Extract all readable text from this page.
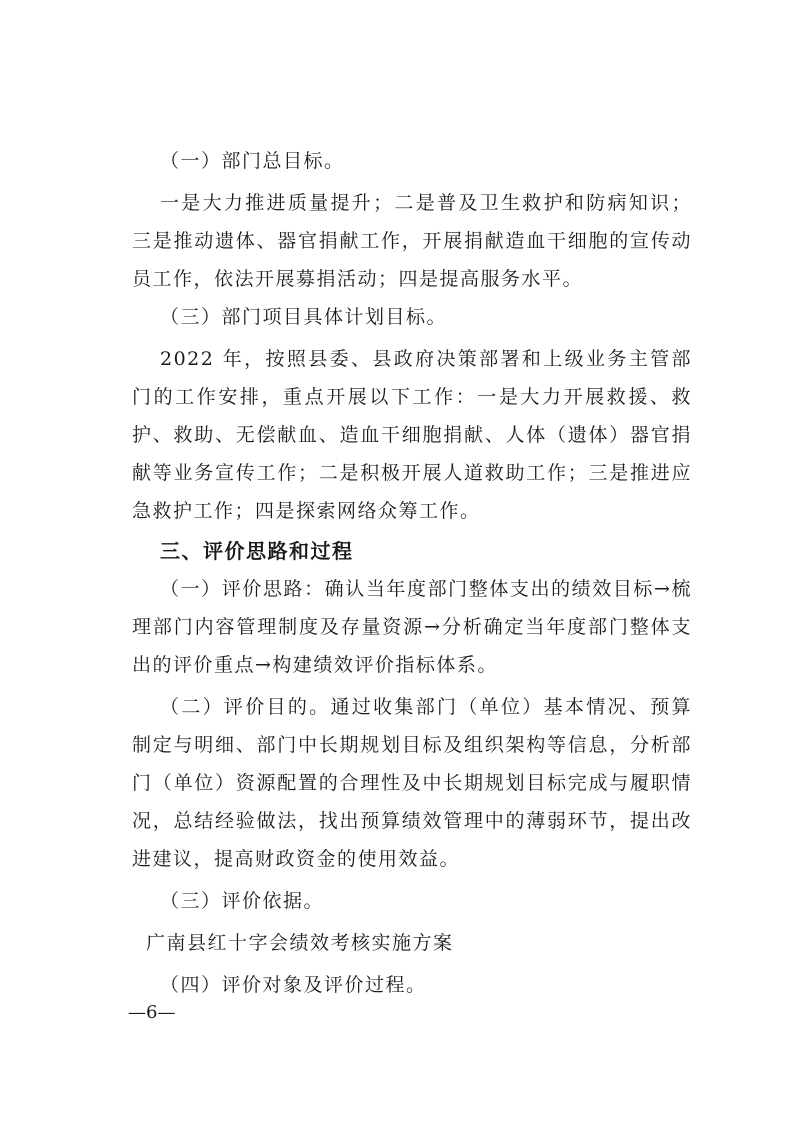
（一）部门总目标。

一是大力推进质量提升；二是普及卫生救护和防病知识；三是推动遗体、器官捐献工作，开展捐献造血干细胞的宣传动员工作，依法开展募捐活动；四是提高服务水平。

（三）部门项目具体计划目标。

2022 年，按照县委、县政府决策部署和上级业务主管部门的工作安排，重点开展以下工作：一是大力开展救援、救护、救助、无偿献血、造血干细胞捐献、人体（遗体）器官捐献等业务宣传工作；二是积极开展人道救助工作；三是推进应急救护工作；四是探索网络众筹工作。

三、评价思路和过程

（一）评价思路：确认当年度部门整体支出的绩效目标→梳理部门内容管理制度及存量资源→分析确定当年度部门整体支出的评价重点→构建绩效评价指标体系。

（二）评价目的。通过收集部门（单位）基本情况、预算制定与明细、部门中长期规划目标及组织架构等信息，分析部门（单位）资源配置的合理性及中长期规划目标完成与履职情况，总结经验做法，找出预算绩效管理中的薄弱环节，提出改进建议，提高财政资金的使用效益。

（三）评价依据。

广南县红十字会绩效考核实施方案

（四）评价对象及评价过程。

—6—
